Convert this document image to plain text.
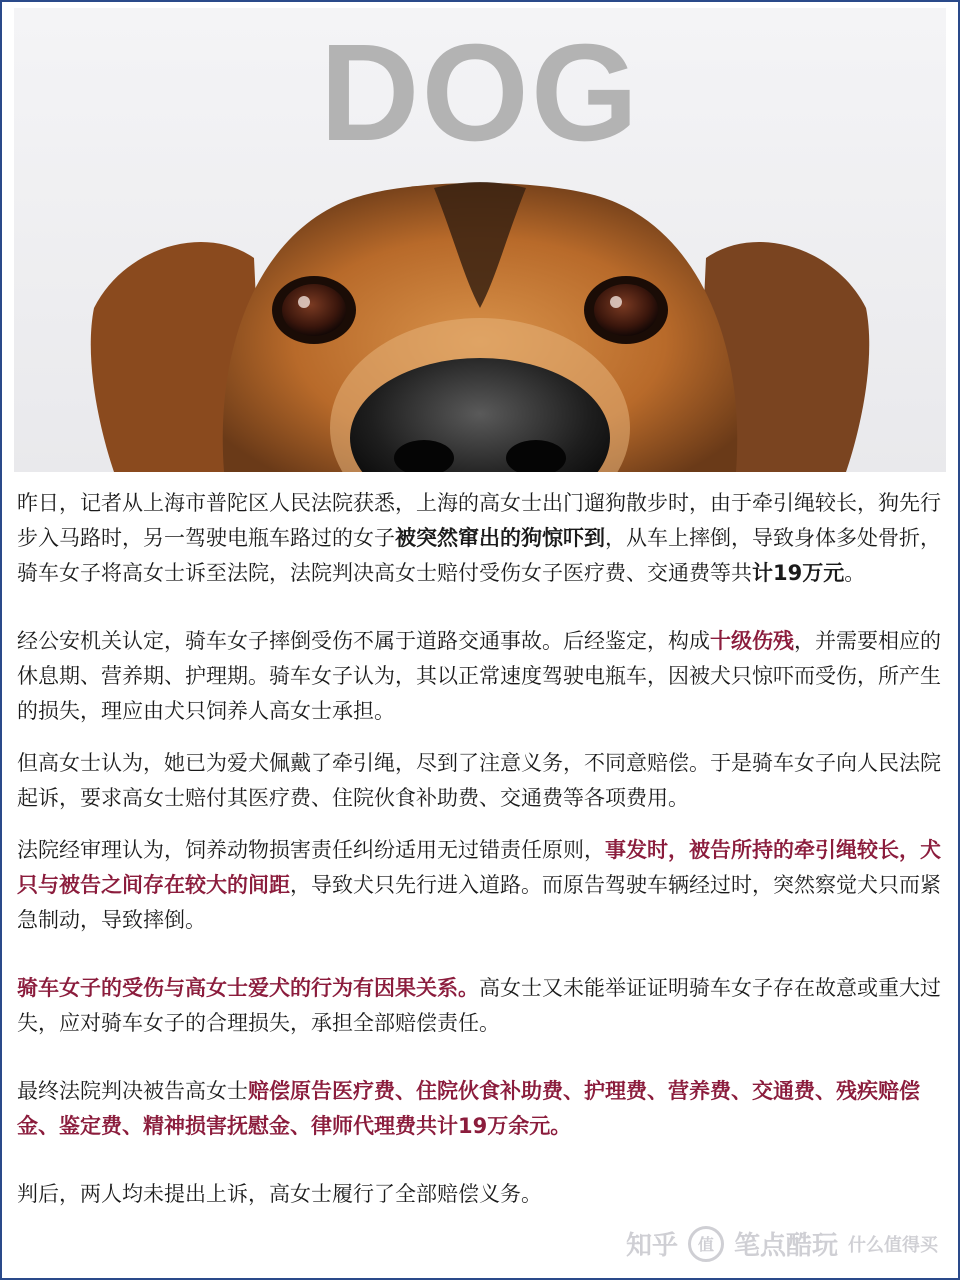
DOG

昨日，记者从上海市普陀区人民法院获悉，上海的高女士出门遛狗散步时，由于牵引绳较长，狗先行步入马路时，另一驾驶电瓶车路过的女子被突然窜出的狗惊吓到，从车上摔倒，导致身体多处骨折，骑车女子将高女士诉至法院，法院判决高女士赔付受伤女子医疗费、交通费等共计19万元。

经公安机关认定，骑车女子摔倒受伤不属于道路交通事故。后经鉴定，构成十级伤残，并需要相应的休息期、营养期、护理期。骑车女子认为，其以正常速度驾驶电瓶车，因被犬只惊吓而受伤，所产生的损失，理应由犬只饲养人高女士承担。

但高女士认为，她已为爱犬佩戴了牵引绳，尽到了注意义务，不同意赔偿。于是骑车女子向人民法院起诉，要求高女士赔付其医疗费、住院伙食补助费、交通费等各项费用。

法院经审理认为，饲养动物损害责任纠纷适用无过错责任原则，事发时，被告所持的牵引绳较长，犬只与被告之间存在较大的间距，导致犬只先行进入道路。而原告驾驶车辆经过时，突然察觉犬只而紧急制动，导致摔倒。

骑车女子的受伤与高女士爱犬的行为有因果关系。高女士又未能举证证明骑车女子存在故意或重大过失，应对骑车女子的合理损失，承担全部赔偿责任。

最终法院判决被告高女士赔偿原告医疗费、住院伙食补助费、护理费、营养费、交通费、残疾赔偿金、鉴定费、精神损害抚慰金、律师代理费共计19万余元。

判后，两人均未提出上诉，高女士履行了全部赔偿义务。

知乎	值 笔点酷玩 什么值得买
